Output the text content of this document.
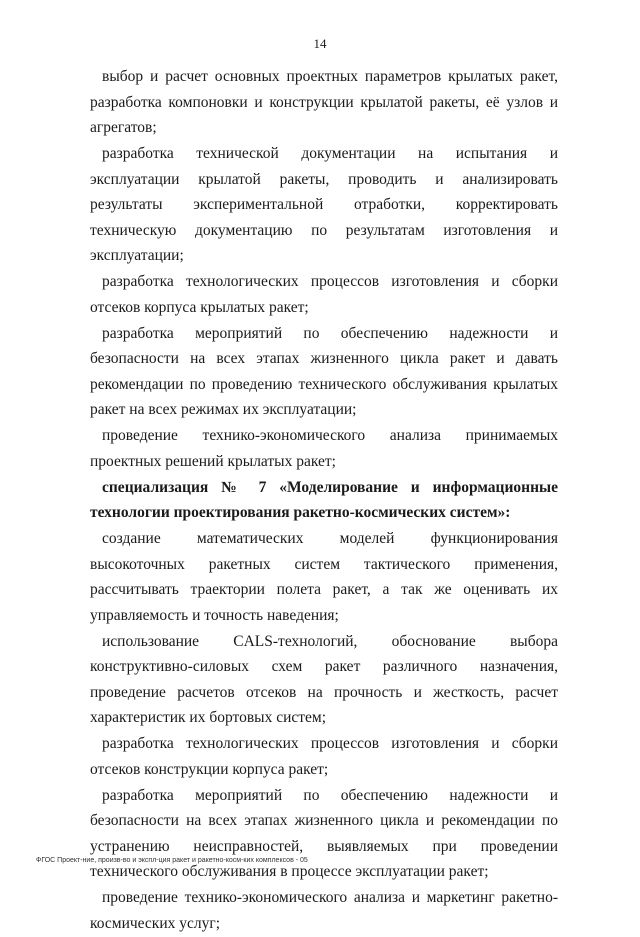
14

выбор и расчет основных проектных параметров крылатых ракет, разработка компоновки и конструкции крылатой ракеты, её узлов и агрегатов;

разработка технической документации на испытания и эксплуатации крылатой ракеты, проводить и анализировать результаты экспериментальной отработки, корректировать техническую документацию по результатам изготовления и эксплуатации;

разработка технологических процессов изготовления и сборки отсеков корпуса крылатых ракет;

разработка мероприятий по обеспечению надежности и безопасности на всех этапах жизненного цикла ракет и давать рекомендации по проведению технического обслуживания крылатых ракет на всех режимах их эксплуатации;

проведение технико-экономического анализа принимаемых проектных решений крылатых ракет;

специализация № 7 «Моделирование и информационные технологии проектирования ракетно-космических систем»:

создание математических моделей функционирования высокоточных ракетных систем тактического применения, рассчитывать траектории полета ракет, а так же оценивать их управляемость и точность наведения;

использование CALS-технологий, обоснование выбора конструктивно-силовых схем ракет различного назначения, проведение расчетов отсеков на прочность и жесткость, расчет характеристик их бортовых систем;

разработка технологических процессов изготовления и сборки отсеков конструкции корпуса ракет;

разработка мероприятий по обеспечению надежности и безопасности на всех этапах жизненного цикла и рекомендации по устранению неисправностей, выявляемых при проведении технического обслуживания в процессе эксплуатации ракет;

проведение технико-экономического анализа и маркетинг ракетно-космических услуг;

ФГОС Проект-ние, произв-во и экспл-ция ракет и ракетно-косм-ких комплексов - 05
